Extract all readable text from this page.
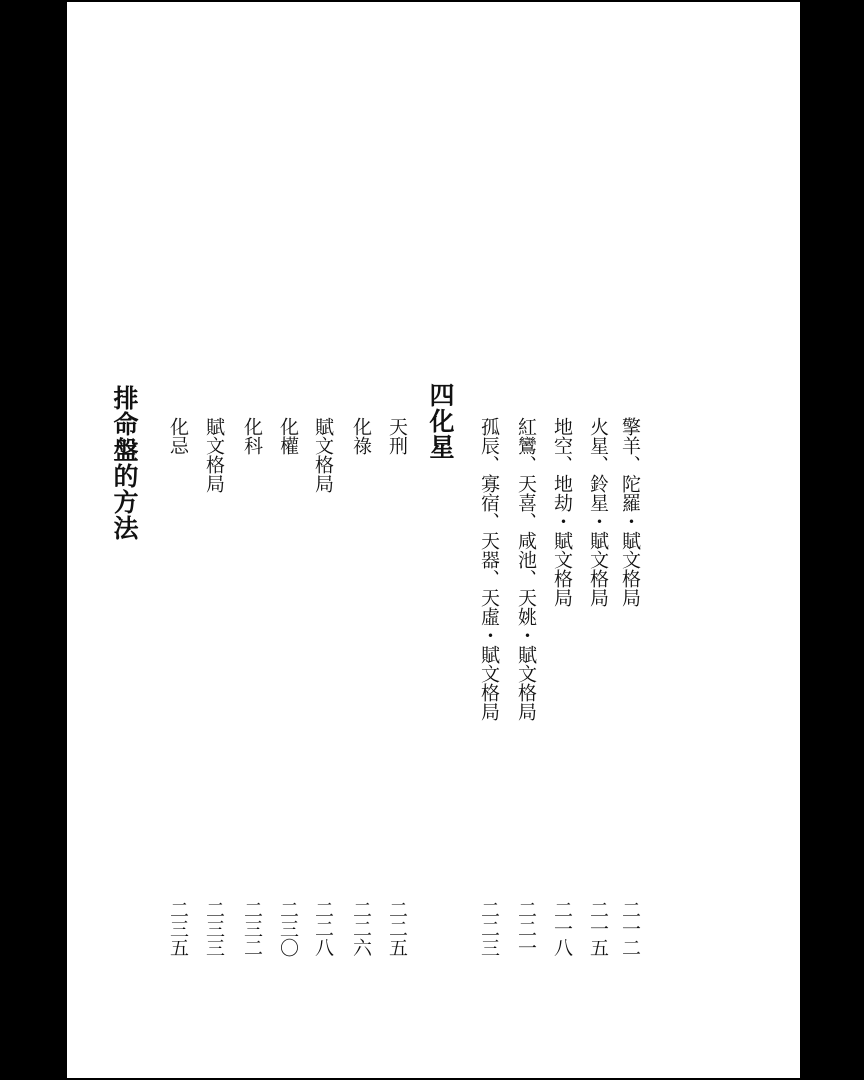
擎羊、陀羅・賦文格局
二一二
火星、鈴星・賦文格局
二一五
地空、地劫・賦文格局
二一八
紅鸞、天喜、咸池、天姚・賦文格局
二二一
孤辰、寡宿、天器、天虛・賦文格局
二二三
四化星
天刑
二二五
化祿
二二六
賦文格局
二二八
化權
二三〇
化科
二三二
賦文格局
二三三
化忌
二三五
排命盤的方法
